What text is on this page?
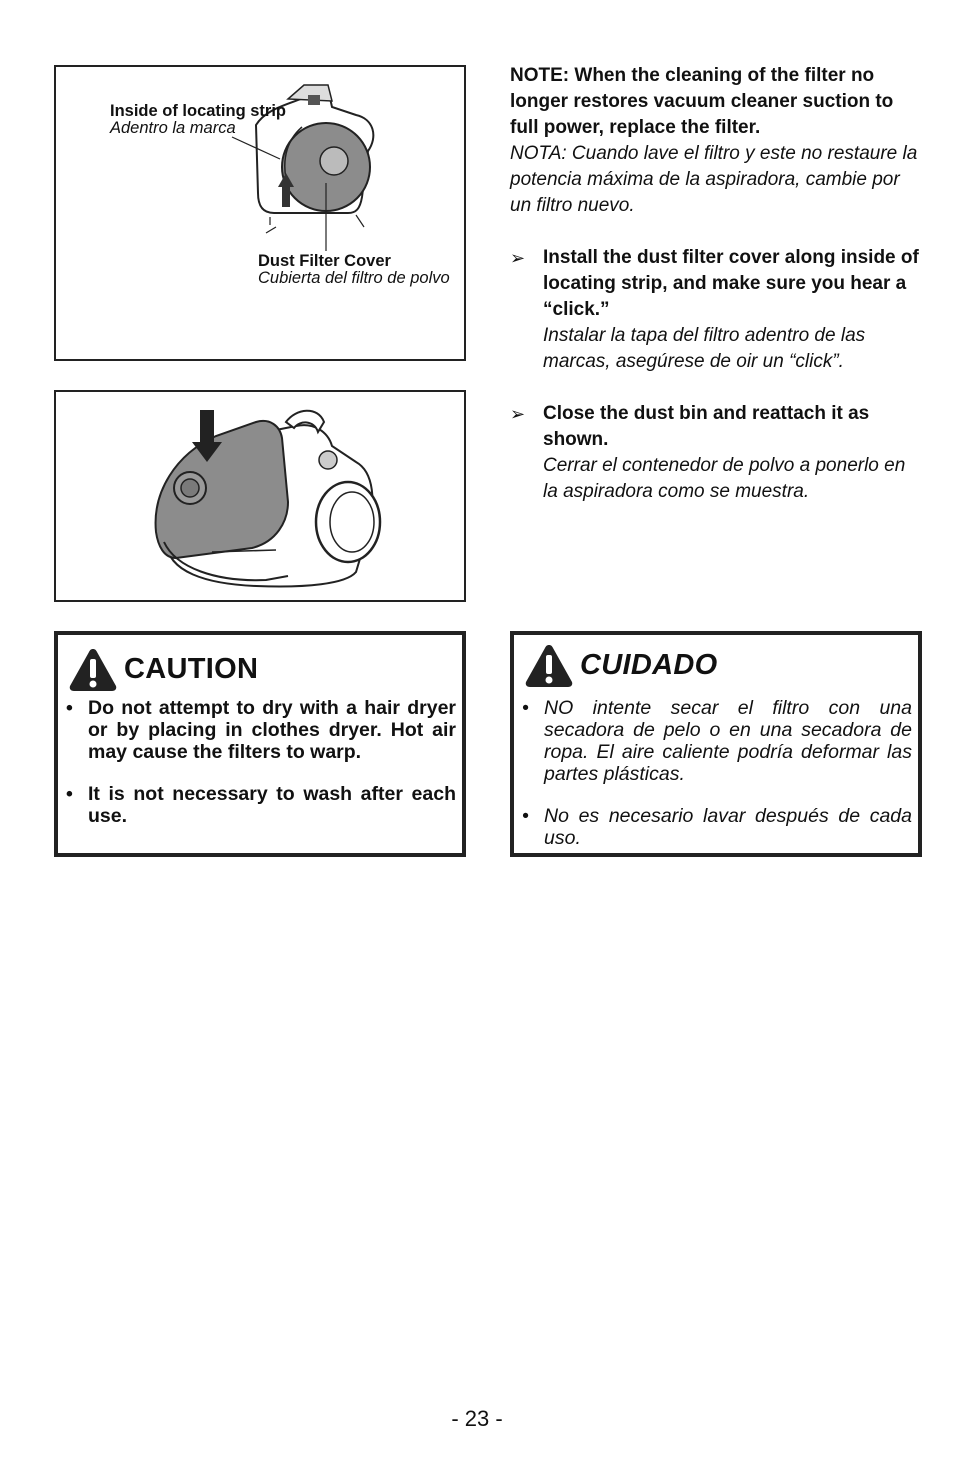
Inside of locating strip
Adentro la marca
Dust Filter Cover
Cubierta del filtro de polvo
NOTE: When the cleaning of the filter no longer restores vacuum cleaner suction to full power, replace the filter.
NOTA: Cuando lave el filtro y este no restaure la potencia máxima de la aspiradora, cambie por un filtro nuevo.
➢ Install the dust filter cover along inside of locating strip, and make sure you hear a “click.”
Instalar la tapa del filtro adentro de las marcas, asegúrese de oir un “click”.
➢ Close the dust bin and reattach it as shown.
Cerrar el contenedor de polvo a ponerlo en la aspiradora como se muestra.
CAUTION
• Do not attempt to dry with a hair dryer or by placing in clothes dryer. Hot air may cause the filters to warp.
• It is not necessary to wash after each use.
CUIDADO
• NO intente secar el filtro con una secadora de pelo o en una secadora de ropa. El aire caliente podría deformar las partes plásticas.
• No es necesario lavar después de cada uso.
- 23 -
